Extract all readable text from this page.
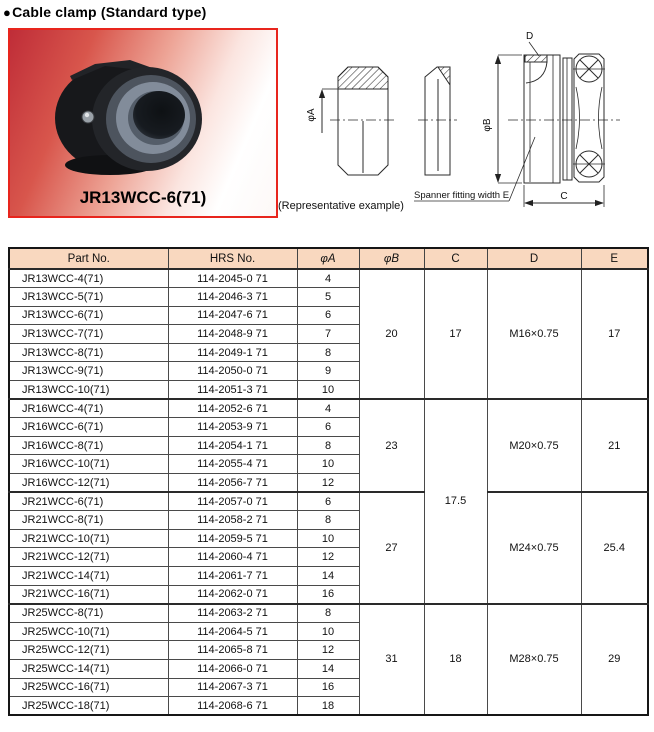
●Cable clamp (Standard type)
JR13WCC-6(71)
φA
φB
D
C
Spanner fitting width E
(Representative example)
Part No.	HRS No.	φA	φB	C	D	E
JR13WCC-4(71)	114-2045-0 71	4	20	17	M16×0.75	17
JR13WCC-5(71)	114-2046-3 71	5				
JR13WCC-6(71)	114-2047-6 71	6				
JR13WCC-7(71)	114-2048-9 71	7				
JR13WCC-8(71)	114-2049-1 71	8				
JR13WCC-9(71)	114-2050-0 71	9				
JR13WCC-10(71)	114-2051-3 71	10				
JR16WCC-4(71)	114-2052-6 71	4	23	17.5	M20×0.75	21
JR16WCC-6(71)	114-2053-9 71	6				
JR16WCC-8(71)	114-2054-1 71	8				
JR16WCC-10(71)	114-2055-4 71	10				
JR16WCC-12(71)	114-2056-7 71	12				
JR21WCC-6(71)	114-2057-0 71	6	27		M24×0.75	25.4
JR21WCC-8(71)	114-2058-2 71	8				
JR21WCC-10(71)	114-2059-5 71	10				
JR21WCC-12(71)	114-2060-4 71	12				
JR21WCC-14(71)	114-2061-7 71	14				
JR21WCC-16(71)	114-2062-0 71	16				
JR25WCC-8(71)	114-2063-2 71	8	31	18	M28×0.75	29
JR25WCC-10(71)	114-2064-5 71	10				
JR25WCC-12(71)	114-2065-8 71	12				
JR25WCC-14(71)	114-2066-0 71	14				
JR25WCC-16(71)	114-2067-3 71	16				
JR25WCC-18(71)	114-2068-6 71	18				
